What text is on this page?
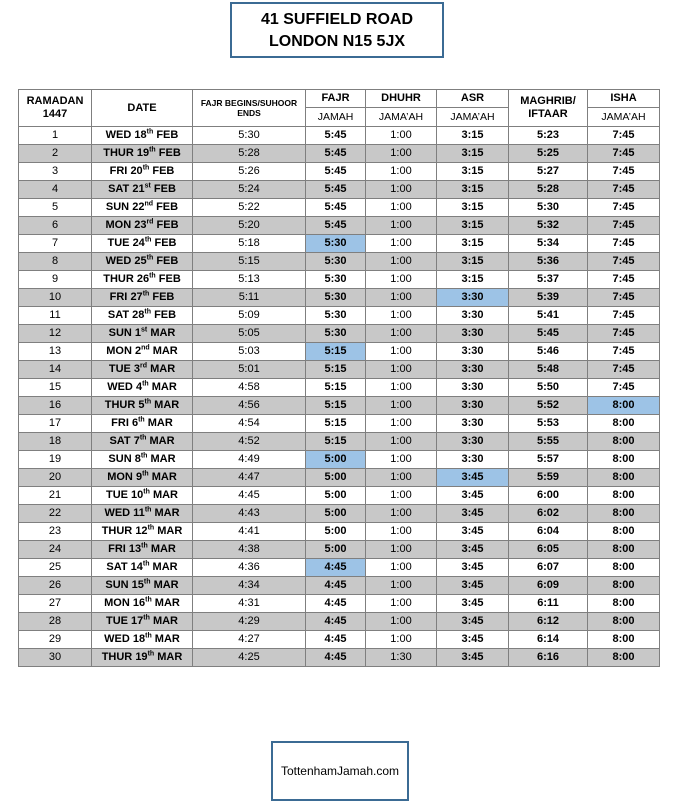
41 SUFFIELD ROAD
LONDON N15 5JX
RAMADAN 1447	DATE	FAJR BEGINS/SUHOOR ENDS	FAJR	DHUHR	ASR	MAGHRIB/ IFTAAR	ISHA
			JAMAH	JAMA’AH	JAMA’AH		JAMA’AH
1	WED 18th FEB	5:30	5:45	1:00	3:15	5:23	7:45
2	THUR 19th FEB	5:28	5:45	1:00	3:15	5:25	7:45
3	FRI 20th FEB	5:26	5:45	1:00	3:15	5:27	7:45
4	SAT 21st FEB	5:24	5:45	1:00	3:15	5:28	7:45
5	SUN 22nd FEB	5:22	5:45	1:00	3:15	5:30	7:45
6	MON 23rd FEB	5:20	5:45	1:00	3:15	5:32	7:45
7	TUE 24th FEB	5:18	5:30	1:00	3:15	5:34	7:45
8	WED 25th FEB	5:15	5:30	1:00	3:15	5:36	7:45
9	THUR 26th FEB	5:13	5:30	1:00	3:15	5:37	7:45
10	FRI 27th FEB	5:11	5:30	1:00	3:30	5:39	7:45
11	SAT 28th FEB	5:09	5:30	1:00	3:30	5:41	7:45
12	SUN 1st MAR	5:05	5:30	1:00	3:30	5:45	7:45
13	MON 2nd MAR	5:03	5:15	1:00	3:30	5:46	7:45
14	TUE 3rd MAR	5:01	5:15	1:00	3:30	5:48	7:45
15	WED 4th MAR	4:58	5:15	1:00	3:30	5:50	7:45
16	THUR 5th MAR	4:56	5:15	1:00	3:30	5:52	8:00
17	FRI 6th MAR	4:54	5:15	1:00	3:30	5:53	8:00
18	SAT 7th MAR	4:52	5:15	1:00	3:30	5:55	8:00
19	SUN 8th MAR	4:49	5:00	1:00	3:30	5:57	8:00
20	MON 9th MAR	4:47	5:00	1:00	3:45	5:59	8:00
21	TUE 10th MAR	4:45	5:00	1:00	3:45	6:00	8:00
22	WED 11th MAR	4:43	5:00	1:00	3:45	6:02	8:00
23	THUR 12th MAR	4:41	5:00	1:00	3:45	6:04	8:00
24	FRI 13th MAR	4:38	5:00	1:00	3:45	6:05	8:00
25	SAT 14th MAR	4:36	4:45	1:00	3:45	6:07	8:00
26	SUN 15th MAR	4:34	4:45	1:00	3:45	6:09	8:00
27	MON 16th MAR	4:31	4:45	1:00	3:45	6:11	8:00
28	TUE 17th MAR	4:29	4:45	1:00	3:45	6:12	8:00
29	WED 18th MAR	4:27	4:45	1:00	3:45	6:14	8:00
30	THUR 19th MAR	4:25	4:45	1:30	3:45	6:16	8:00
TottenhamJamah.com
